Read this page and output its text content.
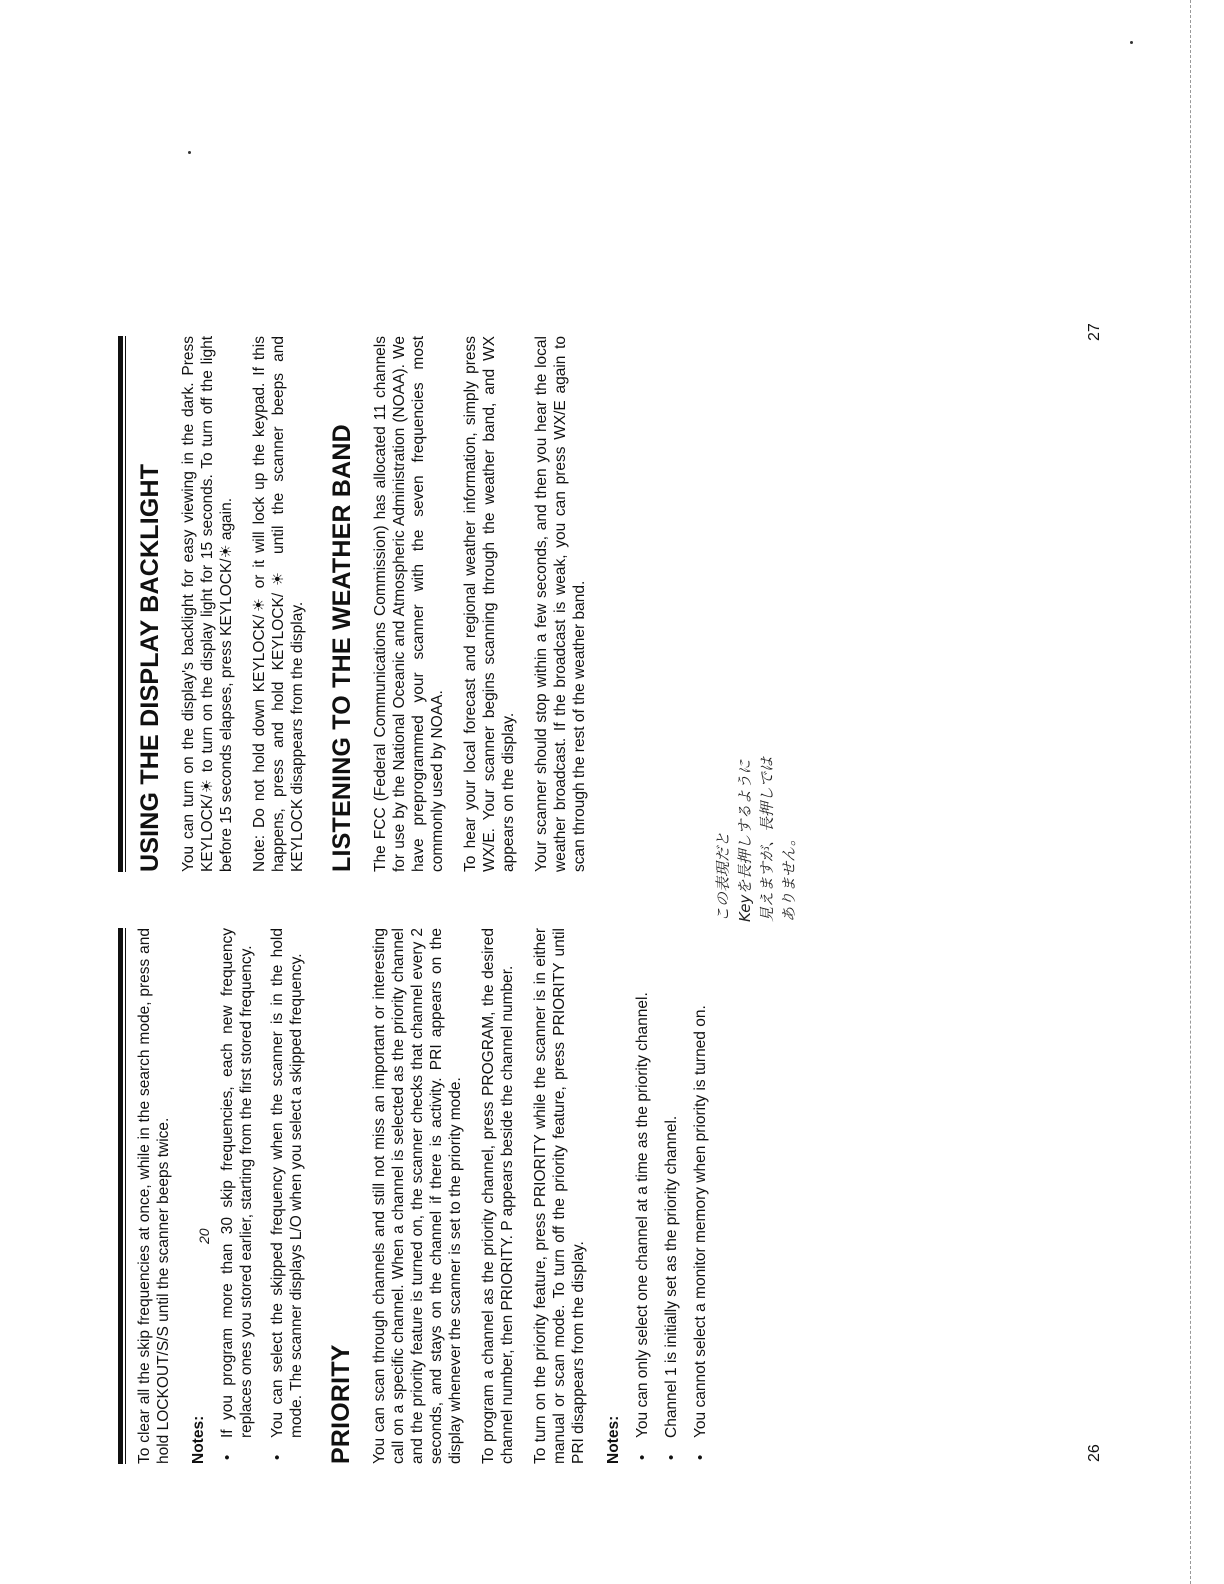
To clear all the skip frequencies at once, while in the search mode, press and hold LOCKOUT/S/S until the scanner beeps twice. Notes:
• If you program more than 30 skip frequencies, each new frequency replaces ones you stored earlier, starting from the first stored frequency. • You can select the skipped frequency when the scanner is in the hold mode. The scanner displays L/O when you select a skipped frequency. PRIORITY You can scan through channels and still not miss an important or interesting call on a specific channel. When a channel is selected as the priority channel and the priority feature is turned on, the scanner checks that channel every 2 seconds, and stays on the channel if there is activity. PRI appears on the display whenever the scanner is set to the priority mode. To program a channel as the priority channel, press PROGRAM, the desired channel number, then PRIORITY. P appears beside the channel number. To turn on the priority feature, press PRIORITY while the scanner is in either manual or scan mode. To turn off the priority feature, press PRIORITY until PRI disappears from the display. Notes:
• You can only select one channel at a time as the priority channel. • Channel 1 is initially set as the priority channel. • You cannot select a monitor memory when priority is turned on.
20
この表現だと Keyを長押しするように 見えますが、長押しでは ありません。
26
USING THE DISPLAY BACKLIGHT You can turn on the display's backlight for easy viewing in the dark. Press KEYLOCK/☀ to turn on the display light for 15 seconds. To turn off the light before 15 seconds elapses, press KEYLOCK/☀ again. Note: Do not hold down KEYLOCK/☀ or it will lock up the keypad. If this happens, press and hold KEYLOCK/☀ until the scanner beeps and KEYLOCK disappears from the display. LISTENING TO THE WEATHER BAND The FCC (Federal Communications Commission) has allocated 11 channels for use by the National Oceanic and Atmospheric Administration (NOAA). We have preprogrammed your scanner with the seven frequencies most commonly used by NOAA. To hear your local forecast and regional weather information, simply press WX/E. Your scanner begins scanning through the weather band, and WX appears on the display. Your scanner should stop within a few seconds, and then you hear the local weather broadcast. If the broadcast is weak, you can press WX/E again to scan through the rest of the weather band.

27
